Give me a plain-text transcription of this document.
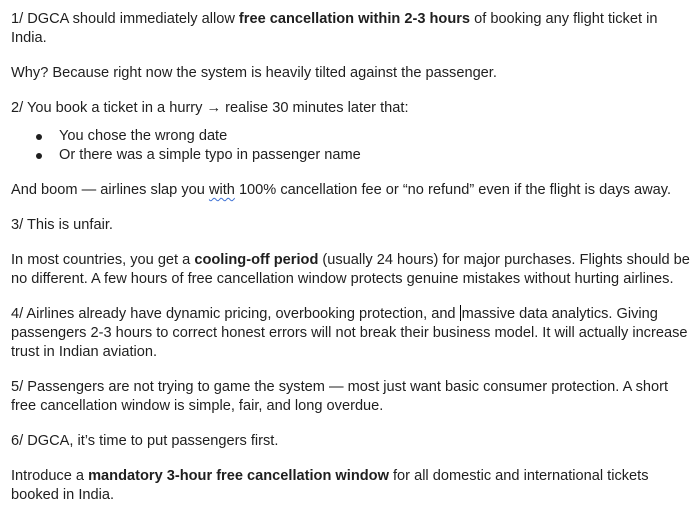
1/ DGCA should immediately allow free cancellation within 2-3 hours of booking any flight ticket in India.

Why? Because right now the system is heavily tilted against the passenger.

2/ You book a ticket in a hurry → realise 30 minutes later that:

You chose the wrong date
Or there was a simple typo in passenger name

And boom — airlines slap you with 100% cancellation fee or “no refund” even if the flight is days away.

3/ This is unfair.

In most countries, you get a cooling-off period (usually 24 hours) for major purchases. Flights should be no different. A few hours of free cancellation window protects genuine mistakes without hurting airlines.

4/ Airlines already have dynamic pricing, overbooking protection, and massive data analytics. Giving passengers 2-3 hours to correct honest errors will not break their business model. It will actually increase trust in Indian aviation.

5/ Passengers are not trying to game the system — most just want basic consumer protection. A short free cancellation window is simple, fair, and long overdue.

6/ DGCA, it’s time to put passengers first.

Introduce a mandatory 3-hour free cancellation window for all domestic and international tickets booked in India.
